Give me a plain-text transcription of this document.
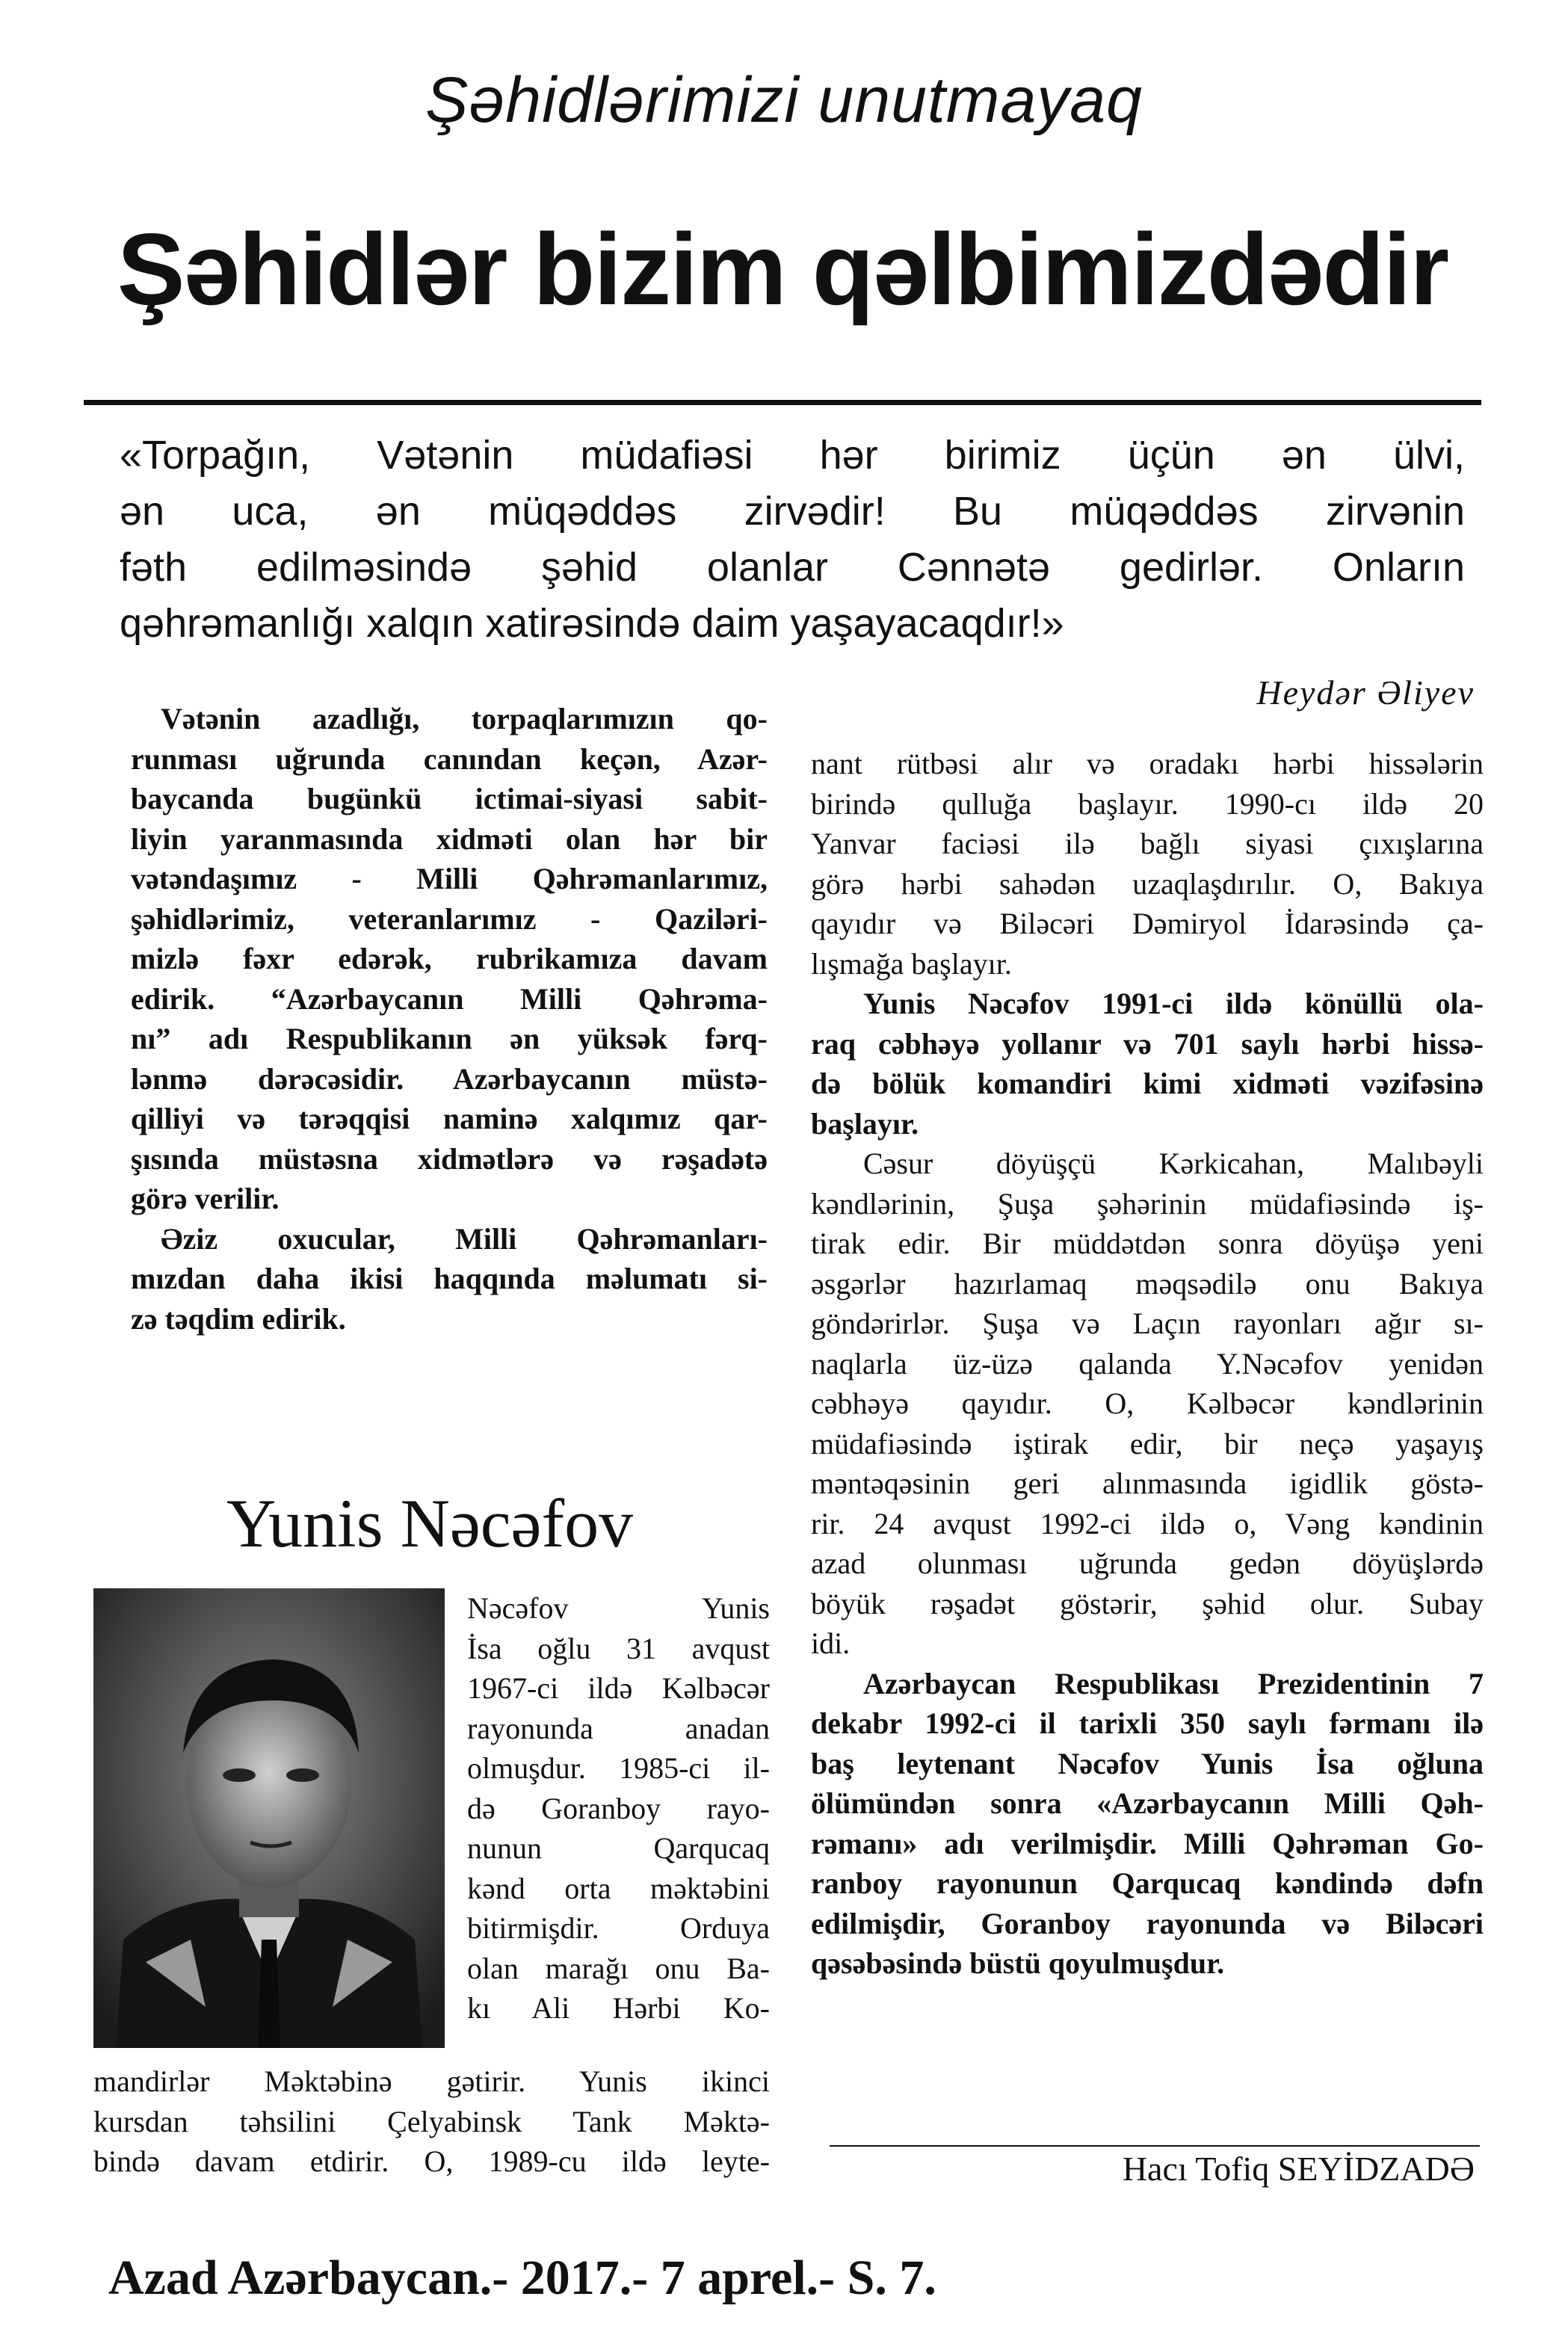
Şəhidlərimizi unutmayaq
Şəhidlər bizim qəlbimizdədir
«Torpağın, Vətənin müdafiəsi hər birimiz üçün ən ülvi,
ən uca, ən müqəddəs zirvədir! Bu müqəddəs zirvənin
fəth edilməsində şəhid olanlar Cənnətə gedirlər. Onların
qəhrəmanlığı xalqın xatirəsində daim yaşayacaqdır!»
Heydər Əliyev
Vətənin azadlığı, torpaqlarımızın qo-
runması uğrunda canından keçən, Azər-
baycanda bugünkü ictimai-siyasi sabit-
liyin yaranmasında xidməti olan hər bir
vətəndaşımız - Milli Qəhrəmanlarımız,
şəhidlərimiz, veteranlarımız - Qaziləri-
mizlə fəxr edərək, rubrikamıza davam
edirik. “Azərbaycanın Milli Qəhrəma-
nı” adı Respublikanın ən yüksək fərq-
lənmə dərəcəsidir. Azərbaycanın müstə-
qilliyi və tərəqqisi naminə xalqımız qar-
şısında müstəsna xidmətlərə və rəşadətə
görə verilir.
Əziz oxucular, Milli Qəhrəmanları-
mızdan daha ikisi haqqında məlumatı si-
zə təqdim edirik.
Yunis Nəcəfov
Nəcəfov Yunis
İsa oğlu 31 avqust
1967-ci ildə Kəlbəcər
rayonunda anadan
olmuşdur. 1985-ci il-
də Goranboy rayo-
nunun Qarqucaq
kənd orta məktəbini
bitirmişdir. Orduya
olan marağı onu Ba-
kı Ali Hərbi Ko-
mandirlər Məktəbinə gətirir. Yunis ikinci
kursdan təhsilini Çelyabinsk Tank Məktə-
bində davam etdirir. O, 1989-cu ildə leyte-
nant rütbəsi alır və oradakı hərbi hissələrin
birində qulluğa başlayır. 1990-cı ildə 20
Yanvar faciəsi ilə bağlı siyasi çıxışlarına
görə hərbi sahədən uzaqlaşdırılır. O, Bakıya
qayıdır və Biləcəri Dəmiryol İdarəsində ça-
lışmağa başlayır.
Yunis Nəcəfov 1991-ci ildə könüllü ola-
raq cəbhəyə yollanır və 701 saylı hərbi hissə-
də bölük komandiri kimi xidməti vəzifəsinə
başlayır.
Cəsur döyüşçü Kərkicahan, Malıbəyli
kəndlərinin, Şuşa şəhərinin müdafiəsində iş-
tirak edir. Bir müddətdən sonra döyüşə yeni
əsgərlər hazırlamaq məqsədilə onu Bakıya
göndərirlər. Şuşa və Laçın rayonları ağır sı-
naqlarla üz-üzə qalanda Y.Nəcəfov yenidən
cəbhəyə qayıdır. O, Kəlbəcər kəndlərinin
müdafiəsində iştirak edir, bir neçə yaşayış
məntəqəsinin geri alınmasında igidlik göstə-
rir. 24 avqust 1992-ci ildə o, Vəng kəndinin
azad olunması uğrunda gedən döyüşlərdə
böyük rəşadət göstərir, şəhid olur. Subay
idi.
Azərbaycan Respublikası Prezidentinin 7
dekabr 1992-ci il tarixli 350 saylı fərmanı ilə
baş leytenant Nəcəfov Yunis İsa oğluna
ölümündən sonra «Azərbaycanın Milli Qəh-
rəmanı» adı verilmişdir. Milli Qəhrəman Go-
ranboy rayonunun Qarqucaq kəndində dəfn
edilmişdir, Goranboy rayonunda və Biləcəri
qəsəbəsində büstü qoyulmuşdur.
Hacı Tofiq SEYİDZADƏ
Azad Azərbaycan.- 2017.- 7 aprel.- S. 7.
